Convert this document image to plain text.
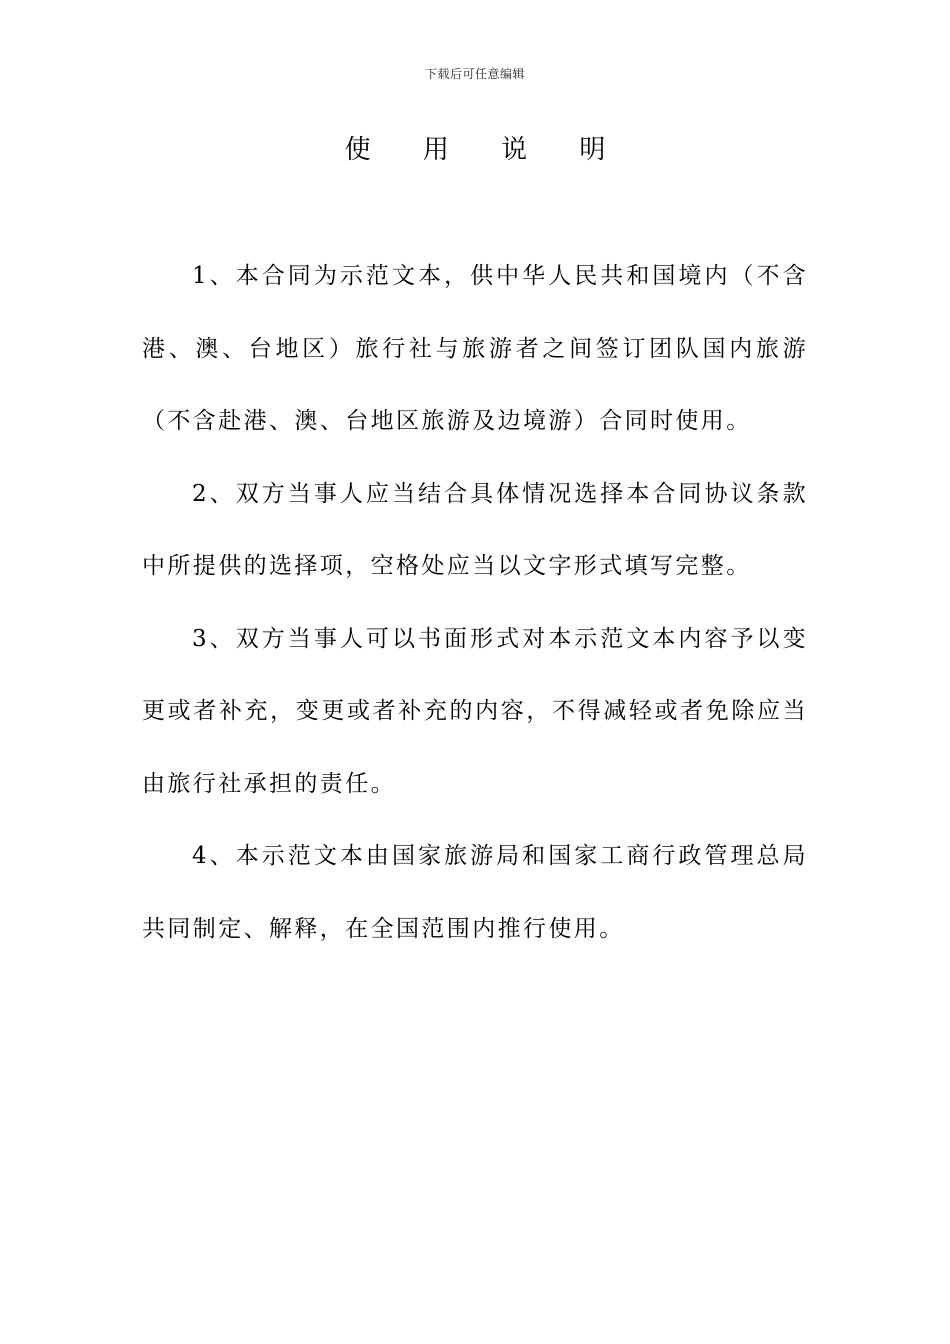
下载后可任意编辑
使 用 说 明

1、本合同为示范文本，供中华人民共和国境内（不含港、澳、台地区）旅行社与旅游者之间签订团队国内旅游（不含赴港、澳、台地区旅游及边境游）合同时使用。

2、双方当事人应当结合具体情况选择本合同协议条款中所提供的选择项，空格处应当以文字形式填写完整。

3、双方当事人可以书面形式对本示范文本内容予以变更或者补充，变更或者补充的内容，不得减轻或者免除应当由旅行社承担的责任。

4、本示范文本由国家旅游局和国家工商行政管理总局共同制定、解释，在全国范围内推行使用。
